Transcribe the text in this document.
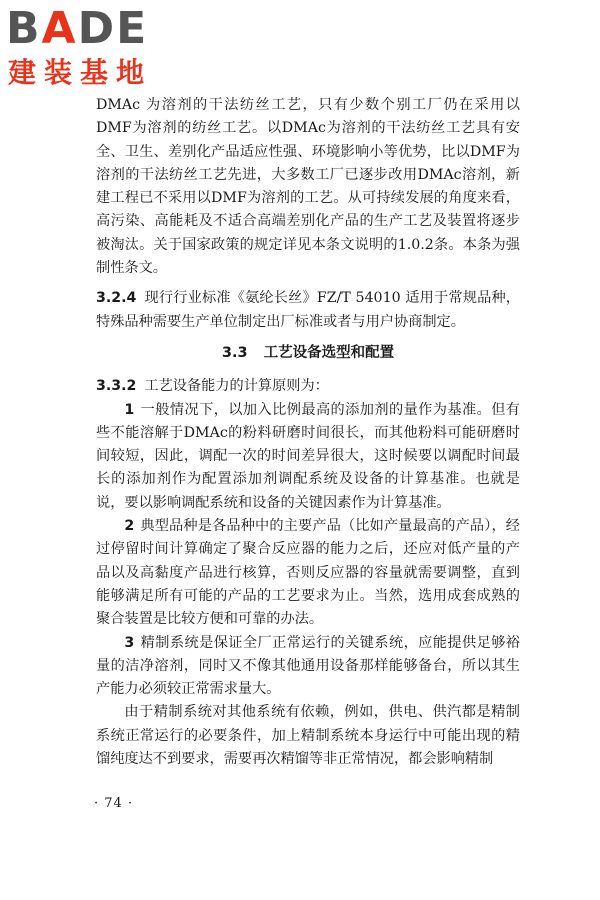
BADE
建装基地

DMAc 为溶剂的干法纺丝工艺，只有少数个别工厂仍在采用以DMF为溶剂的纺丝工艺。以DMAc为溶剂的干法纺丝工艺具有安全、卫生、差别化产品适应性强、环境影响小等优势，比以DMF为溶剂的干法纺丝工艺先进，大多数工厂已逐步改用DMAc溶剂，新建工程已不采用以DMF为溶剂的工艺。从可持续发展的角度来看，高污染、高能耗及不适合高端差别化产品的生产工艺及装置将逐步被淘汰。关于国家政策的规定详见本条文说明的1.0.2条。本条为强制性条文。

3.2.4 现行行业标准《氨纶长丝》FZ/T 54010 适用于常规品种，特殊品种需要生产单位制定出厂标准或者与用户协商制定。

3.3 工艺设备选型和配置

3.3.2 工艺设备能力的计算原则为：

1 一般情况下，以加入比例最高的添加剂的量作为基准。但有些不能溶解于DMAc的粉料研磨时间很长，而其他粉料可能研磨时间较短，因此，调配一次的时间差异很大，这时候要以调配时间最长的添加剂作为配置添加剂调配系统及设备的计算基准。也就是说，要以影响调配系统和设备的关键因素作为计算基准。

2 典型品种是各品种中的主要产品（比如产量最高的产品），经过停留时间计算确定了聚合反应器的能力之后，还应对低产量的产品以及高黏度产品进行核算，否则反应器的容量就需要调整，直到能够满足所有可能的产品的工艺要求为止。当然，选用成套成熟的聚合装置是比较方便和可靠的办法。

3 精制系统是保证全厂正常运行的关键系统，应能提供足够裕量的洁净溶剂，同时又不像其他通用设备那样能够备台，所以其生产能力必须较正常需求量大。

由于精制系统对其他系统有依赖，例如，供电、供汽都是精制系统正常运行的必要条件，加上精制系统本身运行中可能出现的精馏纯度达不到要求，需要再次精馏等非正常情况，都会影响精制

· 74 ·
